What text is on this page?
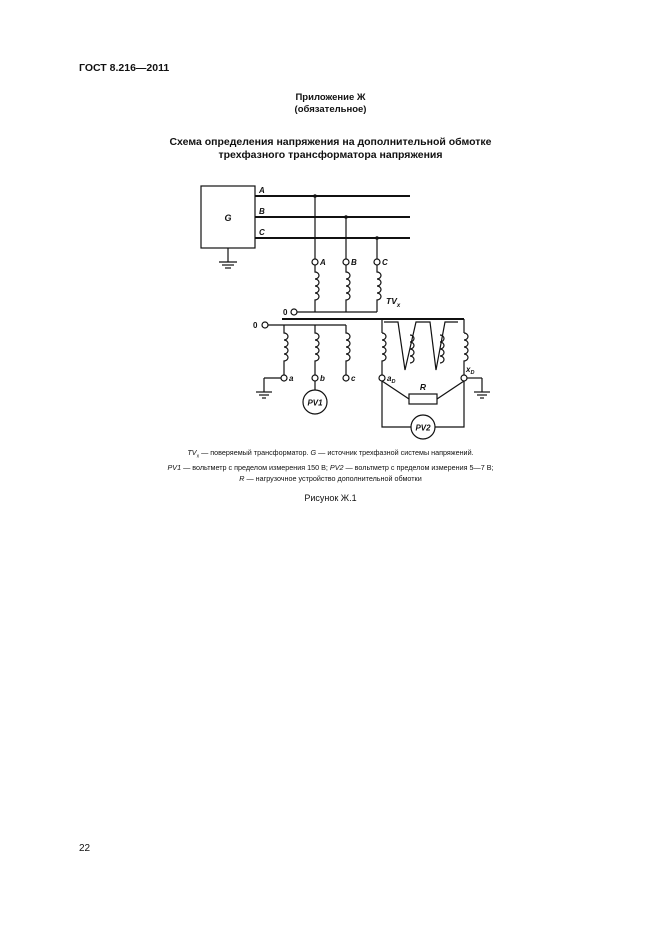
ГОСТ 8.216—2011
Приложение Ж
(обязательное)
Схема определения напряжения на дополнительной обмотке
трехфазного трансформатора напряжения
G
A
B
C
A	B	C
$TV_x$
0
0
a	b	c
PV1
$a_D$
$x_D$
R
PV2
$TV_x$ — поверяемый трансформатор. G — источник трехфазной системы напряжений.
PV1 — вольтметр с пределом измерения 150 В; PV2 — вольтметр с пределом измерения 5—7 В;
R — нагрузочное устройство дополнительной обмотки
Рисунок Ж.1
22
